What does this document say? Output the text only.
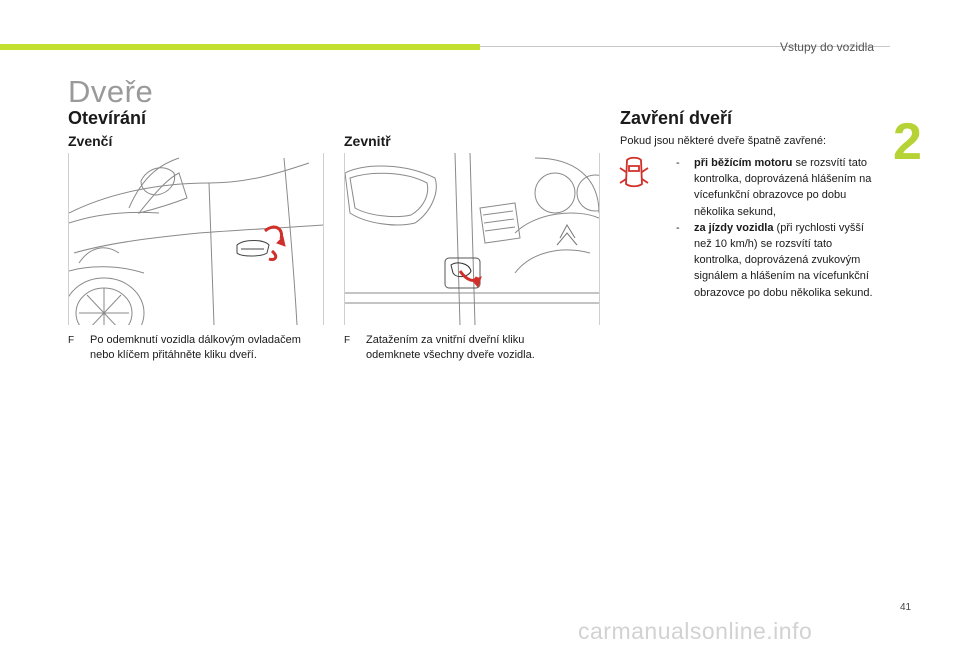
Vstupy do vozidla
2
Dveře
Otevírání
Zvenčí	Zevnitř
Zavření dveří
F	Po odemknutí vozidla dálkovým ovladačem nebo klíčem přitáhněte kliku dveří.
F	Zatažením za vnitřní dveřní kliku odemknete všechny dveře vozidla.
Pokud jsou některé dveře špatně zavřené:
- při běžícím motoru se rozsvítí tato kontrolka, doprovázená hlášením na vícefunkční obrazovce po dobu několika sekund,
- za jízdy vozidla (při rychlosti vyšší než 10 km/h) se rozsvítí tato kontrolka, doprovázená zvukovým signálem a hlášením na vícefunkční obrazovce po dobu několika sekund.
41
carmanualsonline.info
